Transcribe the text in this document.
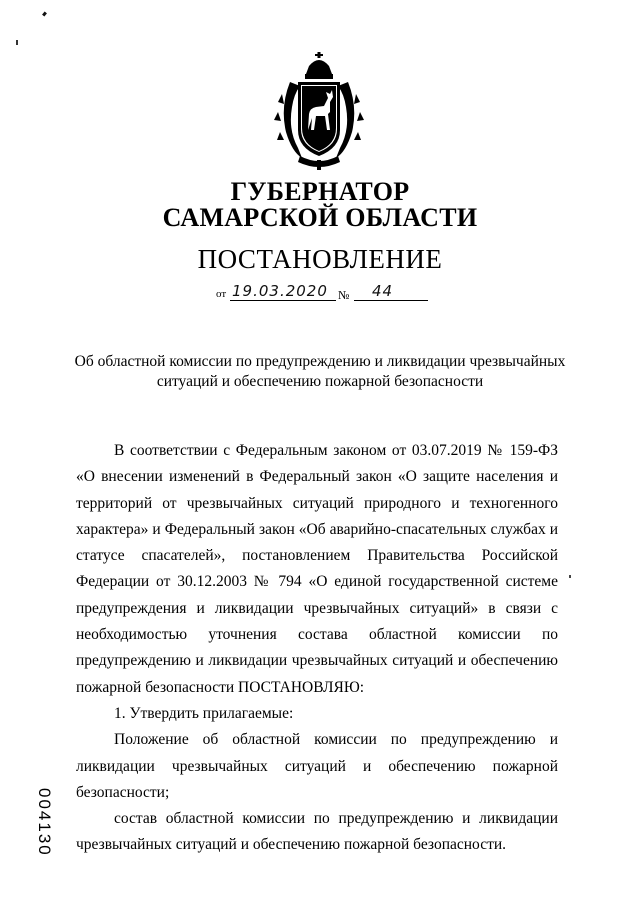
ГУБЕРНАТОР
САМАРСКОЙ ОБЛАСТИ
ПОСТАНОВЛЕНИЕ
от 19.03.2020 № 44
Об областной комиссии по предупреждению и ликвидации чрезвычайных ситуаций и обеспечению пожарной безопасности

В соответствии с Федеральным законом от 03.07.2019 № 159-ФЗ «О внесении изменений в Федеральный закон «О защите населения и территорий от чрезвычайных ситуаций природного и техногенного характера» и Федеральный закон «Об аварийно-спасательных службах и статусе спасателей», постановлением Правительства Российской Федерации от 30.12.2003 № 794 «О единой государственной системе предупреждения и ликвидации чрезвычайных ситуаций» в связи с необходимостью уточнения состава областной комиссии по предупреждению и ликвидации чрезвычайных ситуаций и обеспечению пожарной безопасности ПОСТАНОВЛЯЮ:

1. Утвердить прилагаемые:

Положение об областной комиссии по предупреждению и ликвидации чрезвычайных ситуаций и обеспечению пожарной безопасности;

состав областной комиссии по предупреждению и ликвидации чрезвычайных ситуаций и обеспечению пожарной безопасности.

004130
